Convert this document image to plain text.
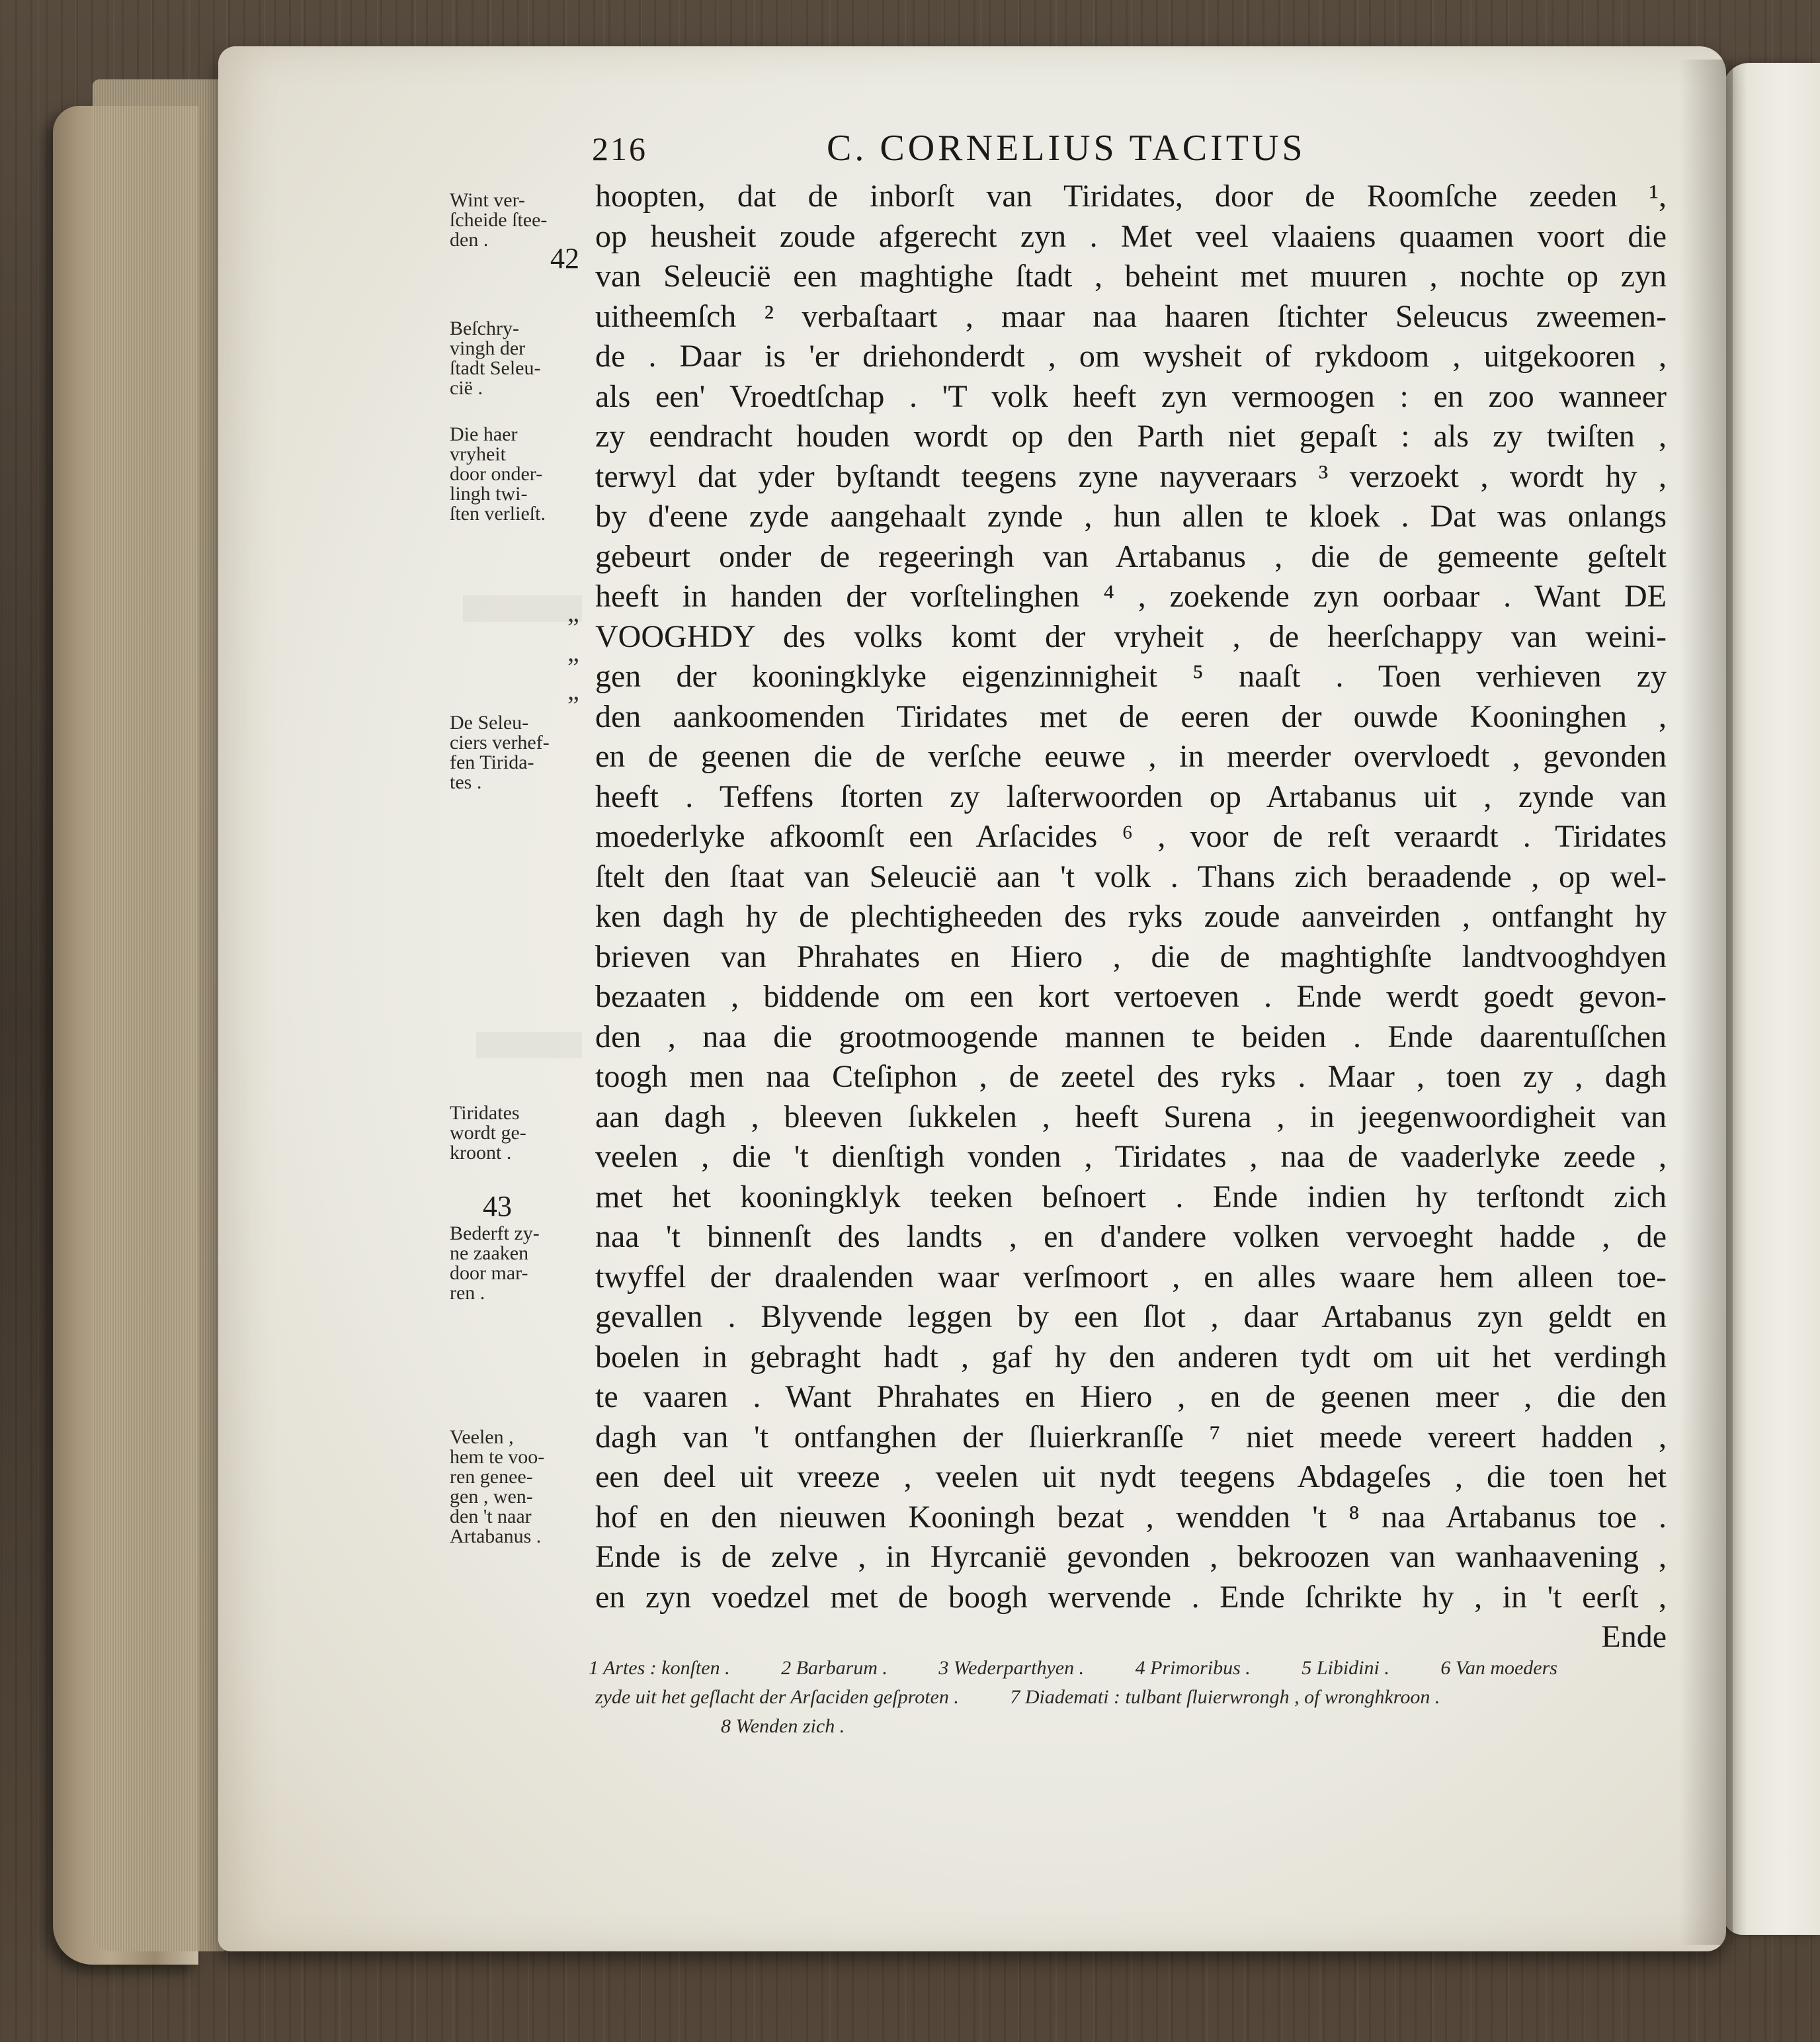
216	C. CORNELIUS TACITUS
Wint ver-
ſcheide ſtee-
den .
42
Beſchry-
vingh der
ſtadt Seleu-
cië .
Die haer
vryheit
door onder-
lingh twi-
ſten verlieſt.
”
”
”
De Seleu-
ciers verhef-
fen Tirida-
tes .
Tiridates
wordt ge-
kroont .
43
Bederft zy-
ne zaaken
door mar-
ren .
Veelen ,
hem te voo-
ren genee-
gen , wen-
den 't naar
Artabanus .
hoopten, dat de inborſt van Tiridates, door de Roomſche zeeden ¹,
op heusheit zoude afgerecht zyn . Met veel vlaaiens quaamen voort die
van Seleucië een maghtighe ſtadt , beheint met muuren , nochte op zyn
uitheemſch ² verbaſtaart , maar naa haaren ſtichter Seleucus zweemen-
de . Daar is 'er driehonderdt , om wysheit of rykdoom , uitgekooren ,
als een' Vroedtſchap . 'T volk heeft zyn vermoogen : en zoo wanneer
zy eendracht houden wordt op den Parth niet gepaſt : als zy twiſten ,
terwyl dat yder byſtandt teegens zyne nayveraars ³ verzoekt , wordt hy ,
by d'eene zyde aangehaalt zynde , hun allen te kloek . Dat was onlangs
gebeurt onder de regeeringh van Artabanus , die de gemeente geſtelt
heeft in handen der vorſtelinghen ⁴ , zoekende zyn oorbaar . Want DE
VOOGHDY des volks komt der vryheit , de heerſchappy van weini-
gen der kooningklyke eigenzinnigheit ⁵ naaſt . Toen verhieven zy
den aankoomenden Tiridates met de eeren der ouwde Kooninghen ,
en de geenen die de verſche eeuwe , in meerder overvloedt , gevonden
heeft . Teffens ſtorten zy laſterwoorden op Artabanus uit , zynde van
moederlyke afkoomſt een Arſacides ⁶ , voor de reſt veraardt . Tiridates
ſtelt den ſtaat van Seleucië aan 't volk . Thans zich beraadende , op wel-
ken dagh hy de plechtigheeden des ryks zoude aanveirden , ontfanght hy
brieven van Phrahates en Hiero , die de maghtighſte landtvooghdyen
bezaaten , biddende om een kort vertoeven . Ende werdt goedt gevon-
den , naa die grootmoogende mannen te beiden . Ende daarentuſſchen
toogh men naa Cteſiphon , de zeetel des ryks . Maar , toen zy , dagh
aan dagh , bleeven ſukkelen , heeft Surena , in jeegenwoordigheit van
veelen , die 't dienſtigh vonden , Tiridates , naa de vaaderlyke zeede ,
met het kooningklyk teeken beſnoert . Ende indien hy terſtondt zich
naa 't binnenſt des landts , en d'andere volken vervoeght hadde , de
twyffel der draalenden waar verſmoort , en alles waare hem alleen toe-
gevallen . Blyvende leggen by een ſlot , daar Artabanus zyn geldt en
boelen in gebraght hadt , gaf hy den anderen tydt om uit het verdingh
te vaaren . Want Phrahates en Hiero , en de geenen meer , die den
dagh van 't ontfanghen der ſluierkranſſe ⁷ niet meede vereert hadden ,
een deel uit vreeze , veelen uit nydt teegens Abdageſes , die toen het
hof en den nieuwen Kooningh bezat , wendden 't ⁸ naa Artabanus toe .
Ende is de zelve , in Hyrcanië gevonden , bekroozen van wanhaavening ,
en zyn voedzel met de boogh wervende . Ende ſchrikte hy , in 't eerſt ,
Ende
1 Artes : konſten .	2 Barbarum .	3 Wederparthyen .	4 Primoribus .	5 Libidini .	6 Van moeders
zyde uit het geſlacht der Arſaciden geſproten .	7 Diademati : tulbant ſluierwrongh , of wronghkroon .
8 Wenden zich .
